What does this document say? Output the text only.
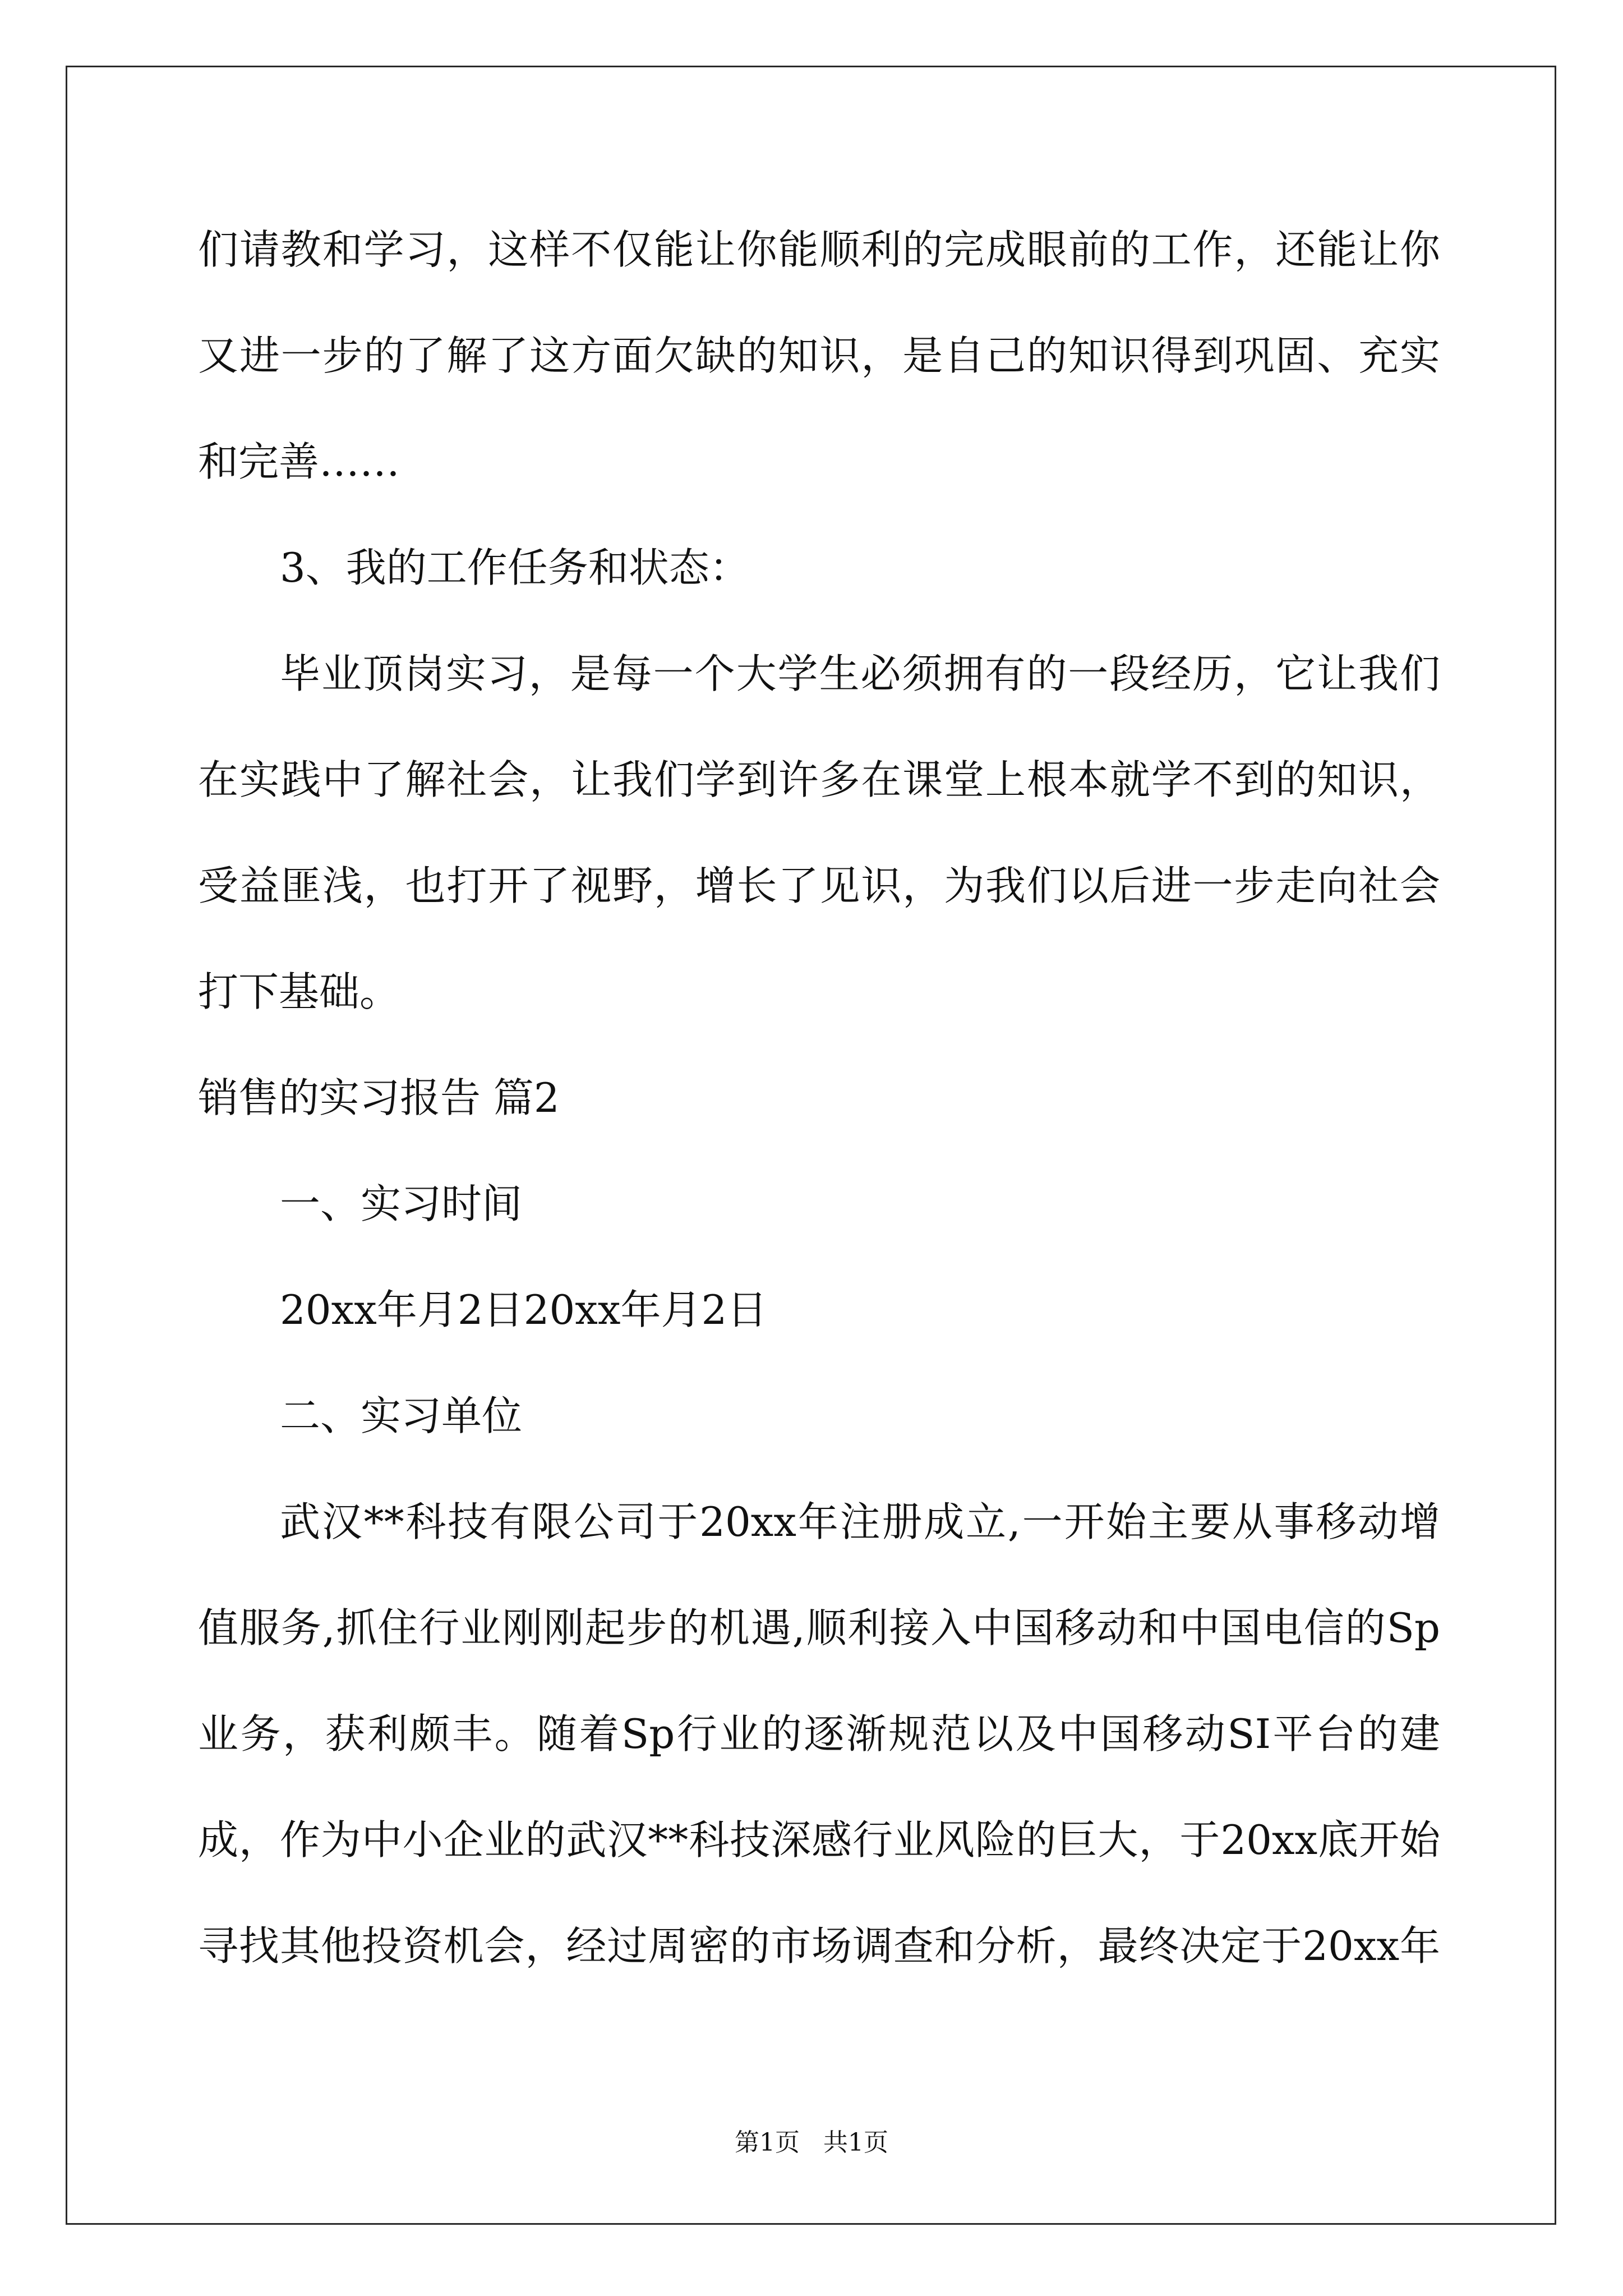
们请教和学习，这样不仅能让你能顺利的完成眼前的工作，还能让你
又进一步的了解了这方面欠缺的知识，是自己的知识得到巩固、充实
和完善……
3、我的工作任务和状态：
毕业顶岗实习，是每一个大学生必须拥有的一段经历，它让我们
在实践中了解社会，让我们学到许多在课堂上根本就学不到的知识，
受益匪浅，也打开了视野，增长了见识，为我们以后进一步走向社会
打下基础。
销售的实习报告 篇2
一、实习时间
20xx年月2日20xx年月2日
二、实习单位
武汉**科技有限公司于20xx年注册成立,一开始主要从事移动增
值服务,抓住行业刚刚起步的机遇,顺利接入中国移动和中国电信的Sp
业务，获利颇丰。随着Sp行业的逐渐规范以及中国移动SI平台的建
成，作为中小企业的武汉**科技深感行业风险的巨大，于20xx底开始
寻找其他投资机会，经过周密的市场调查和分析，最终决定于20xx年
第1页   共1页
